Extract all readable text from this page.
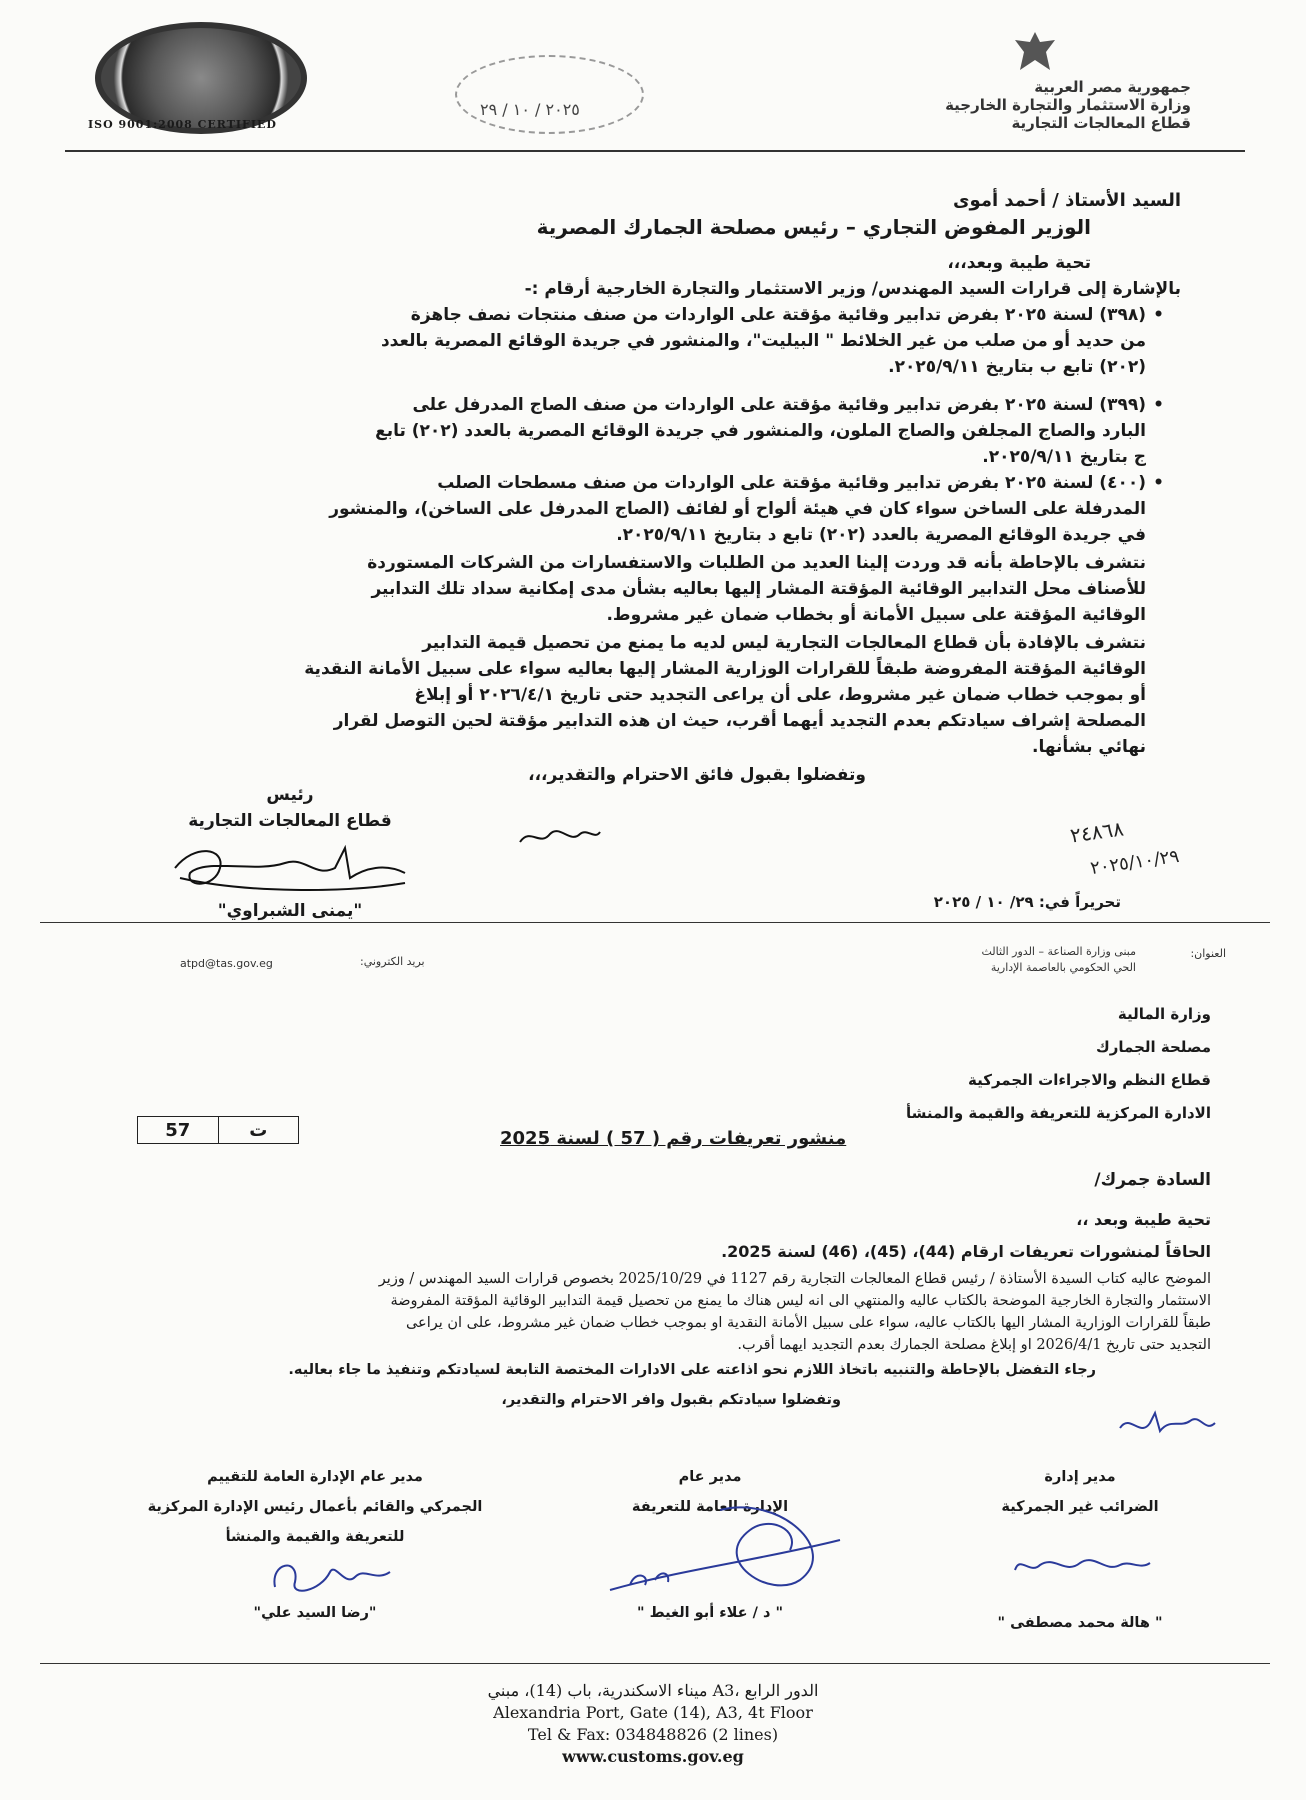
ISO 9001:2008 CERTIFIED
٢٠٢٥ / ١٠ / ٢٩
جمهورية مصر العربية
وزارة الاستثمار والتجارة الخارجية
قطاع المعالجات التجارية
السيد الأستاذ / أحمد أموى
الوزير المفوض التجاري – رئيس مصلحة الجمارك المصرية
تحية طيبة وبعد،،،
بالإشارة إلى قرارات السيد المهندس/ وزير الاستثمار والتجارة الخارجية أرقام :-
•
(٣٩٨) لسنة ٢٠٢٥ بفرض تدابير وقائية مؤقتة على الواردات من صنف منتجات نصف جاهزة
من حديد أو من صلب من غير الخلائط " البيليت"، والمنشور في جريدة الوقائع المصرية بالعدد
(٢٠٢) تابع ب بتاريخ ٢٠٢٥/٩/١١.
•
(٣٩٩) لسنة ٢٠٢٥ بفرض تدابير وقائية مؤقتة على الواردات من صنف الصاج المدرفل على
البارد والصاج المجلفن والصاج الملون، والمنشور في جريدة الوقائع المصرية بالعدد (٢٠٢) تابع
ج بتاريخ ٢٠٢٥/٩/١١.
•
(٤٠٠) لسنة ٢٠٢٥ بفرض تدابير وقائية مؤقتة على الواردات من صنف مسطحات الصلب
المدرفلة على الساخن سواء كان في هيئة ألواح أو لفائف (الصاج المدرفل على الساخن)، والمنشور
في جريدة الوقائع المصرية بالعدد (٢٠٢) تابع د بتاريخ ٢٠٢٥/٩/١١.
نتشرف بالإحاطة بأنه قد وردت إلينا العديد من الطلبات والاستفسارات من الشركات المستوردة
للأصناف محل التدابير الوقائية المؤقتة المشار إليها بعاليه بشأن مدى إمكانية سداد تلك التدابير
الوقائية المؤقتة على سبيل الأمانة أو بخطاب ضمان غير مشروط.
نتشرف بالإفادة بأن قطاع المعالجات التجارية ليس لديه ما يمنع من تحصيل قيمة التدابير
الوقائية المؤقتة المفروضة طبقاً للقرارات الوزارية المشار إليها بعاليه سواء على سبيل الأمانة النقدية
أو بموجب خطاب ضمان غير مشروط، على أن يراعى التجديد حتى تاريخ ٢٠٢٦/٤/١ أو إبلاغ
المصلحة إشراف سيادتكم بعدم التجديد أيهما أقرب، حيث ان هذه التدابير مؤقتة لحين التوصل لقرار
نهائي بشأنها.
وتفضلوا بقبول فائق الاحترام والتقدير،،،
رئيس
قطاع المعالجات التجارية
"يمنى الشبراوي"
٢٤٨٦٨
٢٠٢٥/١٠/٢٩
تحريراً في: ٢٩/ ١٠ / ٢٠٢٥
atpd@tas.gov.eg	بريد الكتروني:
العنوان:
مبنى وزارة الصناعة – الدور الثالث
الحي الحكومي بالعاصمة الإدارية
وزارة المالية
مصلحة الجمارك
قطاع النظم والاجراءات الجمركية
الادارة المركزية للتعريفة والقيمة والمنشأ
57	ت	منشور تعريفات رقم ( 57 ) لسنة 2025
السادة جمرك/
تحية طيبة وبعد ،،
الحاقاً لمنشورات تعريفات ارقام (44)، (45)، (46) لسنة 2025.
الموضح عاليه كتاب السيدة الأستاذة / رئيس قطاع المعالجات التجارية رقم 1127 في 2025/10/29 بخصوص قرارات السيد المهندس / وزير
الاستثمار والتجارة الخارجية الموضحة بالكتاب عاليه والمنتهي الى انه ليس هناك ما يمنع من تحصيل قيمة التدابير الوقائية المؤقتة المفروضة
طبقاً للقرارات الوزارية المشار اليها بالكتاب عاليه، سواء على سبيل الأمانة النقدية او بموجب خطاب ضمان غير مشروط، على ان يراعى
التجديد حتى تاريخ 2026/4/1 او إبلاغ مصلحة الجمارك بعدم التجديد ايهما أقرب.
رجاء التفضل بالإحاطة والتنبيه باتخاذ اللازم نحو اذاعته على الادارات المختصة التابعة لسيادتكم وتنفيذ ما جاء بعاليه.
وتفضلوا سيادتكم بقبول وافر الاحترام والتقدير،
مدير عام الإدارة العامة للتقييم
الجمركي والقائم بأعمال رئيس الإدارة المركزية
للتعريفة والقيمة والمنشأ
"رضا السيد علي"
مدير عام
الإدارة العامة للتعريفة
" د / علاء أبو الغيط "
مدير إدارة
الضرائب غير الجمركية
" هالة محمد مصطفى "
ميناء الاسكندرية، باب (14)، مبني A3، الدور الرابع
Alexandria Port, Gate (14), A3, 4t Floor
Tel & Fax: 034848826 (2 lines)
www.customs.gov.eg
